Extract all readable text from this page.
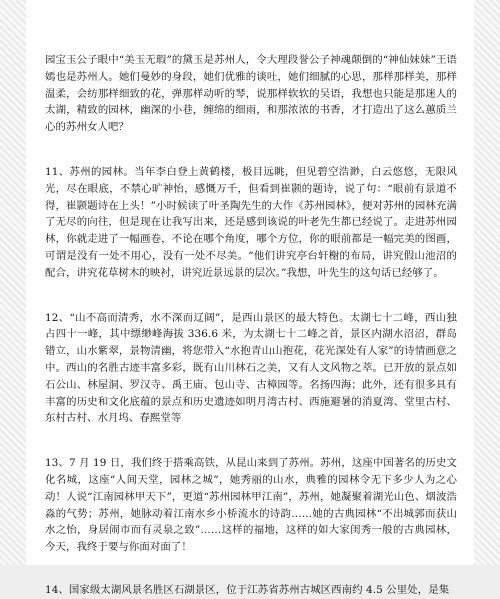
园宝玉公子眼中“美玉无瑕”的黛玉是苏州人，令大理段誉公子神魂颠倒的“神仙妹妹”王语嫣也是苏州人。她们曼妙的身段，她们优雅的谈吐，她们细腻的心思，那样那样美，那样温柔，会纺那样细致的花，弹那样动听的琴，说那样软软的吴语，我想也只能是那迷人的太湖，精致的园林，幽深的小巷，缠绵的细雨，和那浓浓的书香，才打造出了这么蕙质兰心的苏州女人吧？

11、苏州的园林。当年李白登上黄鹤楼，极目远眺，但见碧空浩渺，白云悠悠，无限风光，尽在眼底，不禁心旷神怡，感慨万千，但看到崔颢的题诗，说了句：“眼前有景道不得，崔颢题诗在上头！”小时候读了叶圣陶先生的大作《苏州园林》，便对苏州的园林充满了无尽的向往，但是现在让我写出来，还是感到该说的叶老先生都已经说了。走进苏州园林，你就走进了一幅画卷，不论在哪个角度，哪个方位，你的眼前都是一幅完美的图画，可谓是没有一处不用心，没有一处不尽美。“他们讲究亭台轩榭的布局，讲究假山池沼的配合，讲究花草树木的映衬，讲究近景远景的层次。”我想，叶先生的这句话已经够了。

12、“山不高而清秀，水不深而辽阔”，是西山景区的最大特色。太湖七十二峰，西山独占四十一峰，其中缥缈峰海拔 336.6 米，为太湖七十二峰之首，景区内湖水沼沼，群岛错立，山水紫翠，景物清幽，将您带入“水抱青山山抱花，花光深处有人家”的诗情画意之中。西山的名胜古迹丰富多彩，既有山川林石之美，又有人文风物之萃。已开放的景点如石公山、林屋洞、罗汉寺、禹王庙、包山寺、古樟园等。名扬四海；此外，还有很多具有丰富的历史和文化底蕴的景点和历史遗迹如明月湾古村、西施避暑的消夏湾、堂里古村、东村古村、水月坞、春熙堂等

13、7 月 19 日，我们终于搭乘高铁，从昆山来到了苏州。苏州，这座中国著名的历史文化名城，这座“人间天堂，园林之城”，她秀丽的山水，典雅的园林令无下多少人为之心动！人说“江南园林甲天下”，更道“苏州园林甲江南”，苏州，她凝聚着湖光山色、烟波浩淼的气势；苏州，她脉动着江南水乡小桥流水的诗韵……她的古典园林“不出城郭而获山水之怡，身居闹市而有灵泉之致”……这样的福地，这样的如大家闺秀一般的古典园林，今天，我终于要与你面对面了！

14、国家级太湖风景名胜区石湖景区，位于江苏省苏州古城区西南约 4.5 公里处，是集
